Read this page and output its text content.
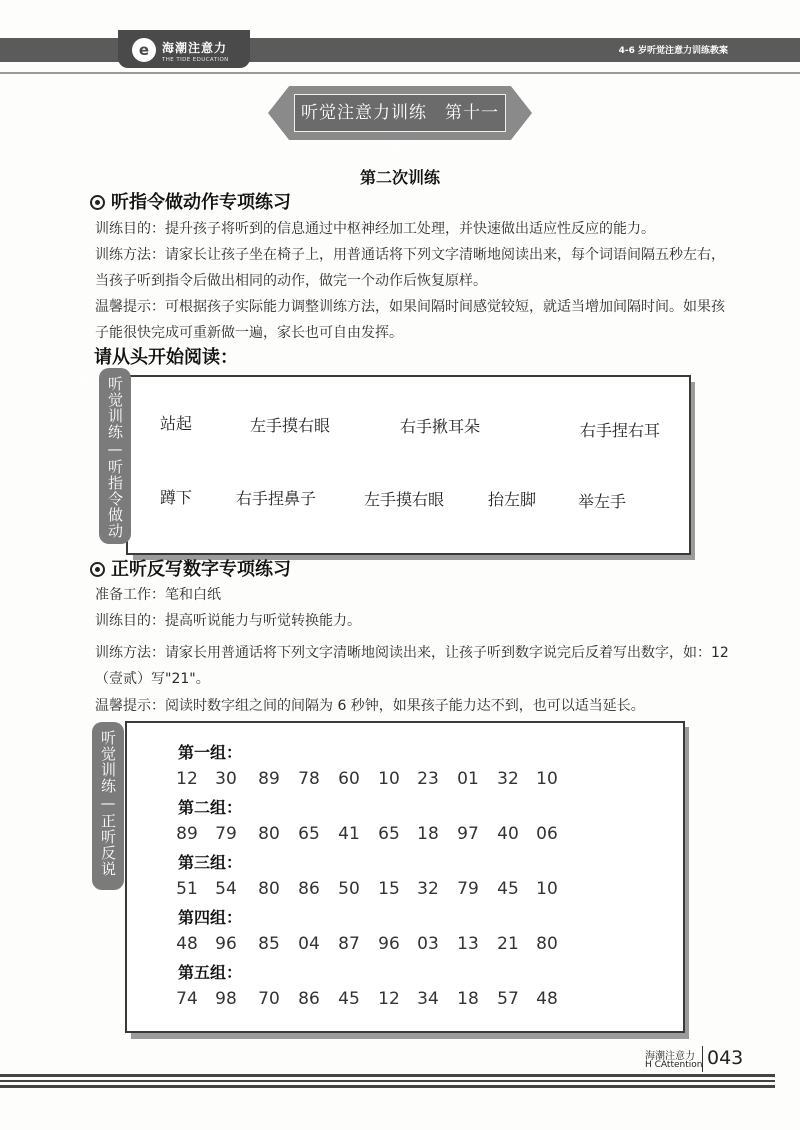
e	海潮注意力
THE TIDE EDUCATION
4-6 岁听觉注意力训练教案
听觉注意力训练　第十一周
第二次训练
听指令做动作专项练习
训练目的：提升孩子将听到的信息通过中枢神经加工处理，并快速做出适应性反应的能力。
训练方法：请家长让孩子坐在椅子上，用普通话将下列文字清晰地阅读出来，每个词语间隔五秒左右，当孩子听到指令后做出相同的动作，做完一个动作后恢复原样。
温馨提示：可根据孩子实际能力调整训练方法，如果间隔时间感觉较短，就适当增加间隔时间。如果孩子能很快完成可重新做一遍，家长也可自由发挥。
请从头开始阅读：
听觉训练—听指令做动作
站起	左手摸右眼	右手揪耳朵	右手捏右耳
蹲下	右手捏鼻子	左手摸右眼	抬左脚	举左手
正听反写数字专项练习
准备工作：笔和白纸
训练目的：提高听说能力与听觉转换能力。
训练方法：请家长用普通话将下列文字清晰地阅读出来，让孩子听到数字说完后反着写出数字，如：12（壹贰）写"21"。
温馨提示：阅读时数字组之间的间隔为 6 秒钟，如果孩子能力达不到，也可以适当延长。
听觉训练—正听反说	第一组：
12	30	89	78	60	10	23	01	32	10
第二组：
89	79	80	65	41	65	18	97	40	06
第三组：
51	54	80	86	50	15	32	79	45	10
第四组：
48	96	85	04	87	96	03	13	21	80
第五组：
74	98	70	86	45	12	34	18	57	48
海潮注意力
H CAttention 043
